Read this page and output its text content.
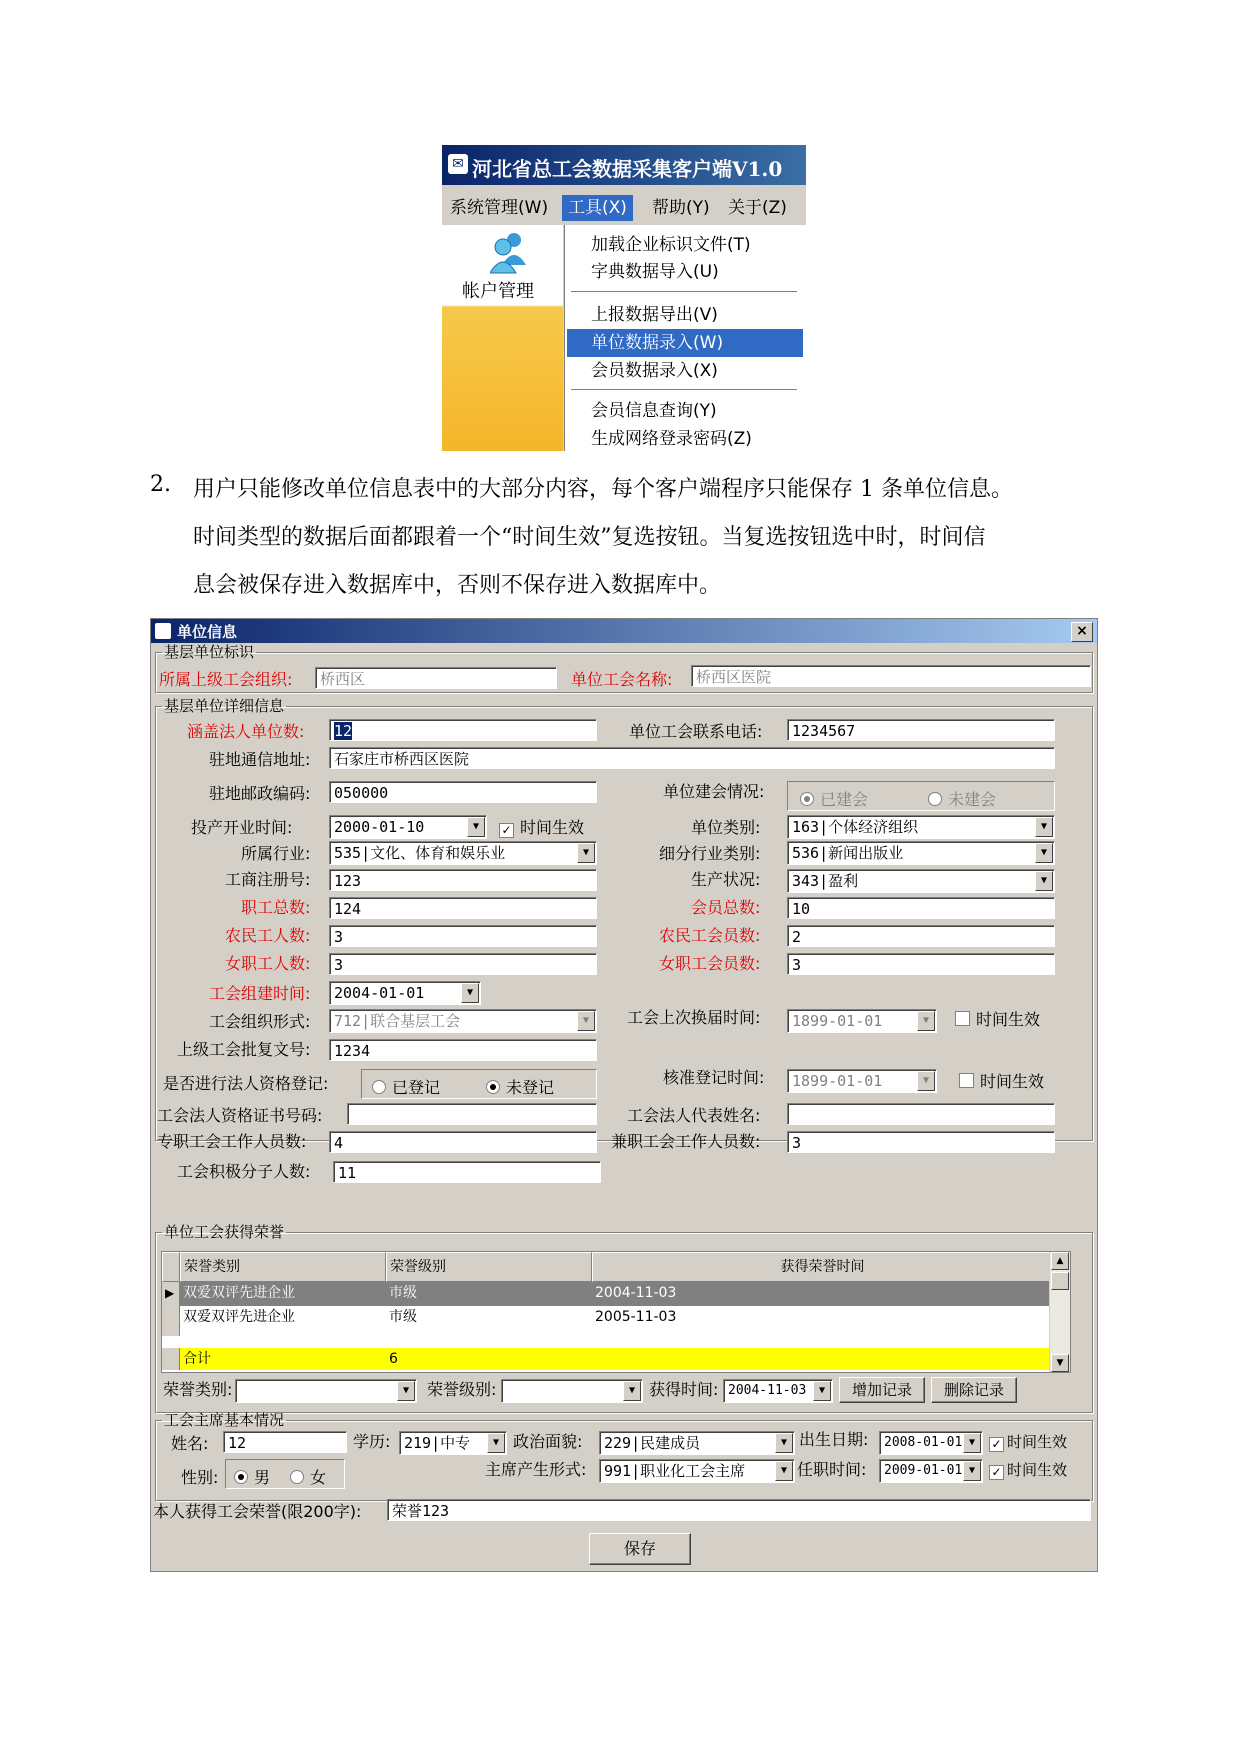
✉ 河北省总工会数据采集客户端V1.0
系统管理(W)	工具(X)	帮助(Y)	关于(Z)
帐户管理
加载企业标识文件(T)
字典数据导入(U)
上报数据导出(V)
单位数据录入(W)
会员数据录入(X)
会员信息查询(Y)
生成网络登录密码(Z)
2. 用户只能修改单位信息表中的大部分内容，每个客户端程序只能保存 1 条单位信息。
时间类型的数据后面都跟着一个“时间生效”复选按钮。当复选按钮选中时，时间信
息会被保存进入数据库中，否则不保存进入数据库中。
单位信息	×
基层单位标识
所属上级工会组织:	桥西区	单位工会名称:	桥西区医院
基层单位详细信息
涵盖法人单位数:	12	单位工会联系电话:	1234567
驻地通信地址:	石家庄市桥西区医院
驻地邮政编码:	050000	单位建会情况:	已建会	未建会
投产开业时间:	2000-01-10	▼	✓ 时间生效	单位类别:	163|个体经济组织	▼
所属行业:	535|文化、体育和娱乐业	▼	细分行业类别:	536|新闻出版业	▼
工商注册号:	123	生产状况:	343|盈利	▼
职工总数:	124	会员总数:	10
农民工人数:	3	农民工会员数:	2
女职工人数:	3	女职工会员数:	3
工会组建时间:	2004-01-01	▼
工会组织形式:	712|联合基层工会	▼	工会上次换届时间:	1899-01-01	▼	时间生效
上级工会批复文号:	1234
是否进行法人资格登记:	已登记	未登记
核准登记时间:	1899-01-01	▼	时间生效
工会法人资格证书号码:	工会法人代表姓名:
专职工会工作人员数:	4	兼职工会工作人员数:	3
工会积极分子人数:	11
单位工会获得荣誉
荣誉类别	荣誉级别	获得荣誉时间
▶ 双爱双评先进企业	市级	2004-11-03
双爱双评先进企业	市级	2005-11-03
合计	6
▲
▼
荣誉类别:	▼	荣誉级别:	▼ 获得时间: 2004-11-03	▼	增加记录	删除记录
工会主席基本情况
姓名:	12	学历: 219|中专	▼ 政治面貌:	229|民建成员	▼ 出生日期:	2008-01-01 ▼	✓ 时间生效
性别:	男	女	主席产生形式:	991|职业化工会主席	▼ 任职时间:	2009-01-01 ▼	✓ 时间生效
本人获得工会荣誉(限200字):	荣誉123
保存
